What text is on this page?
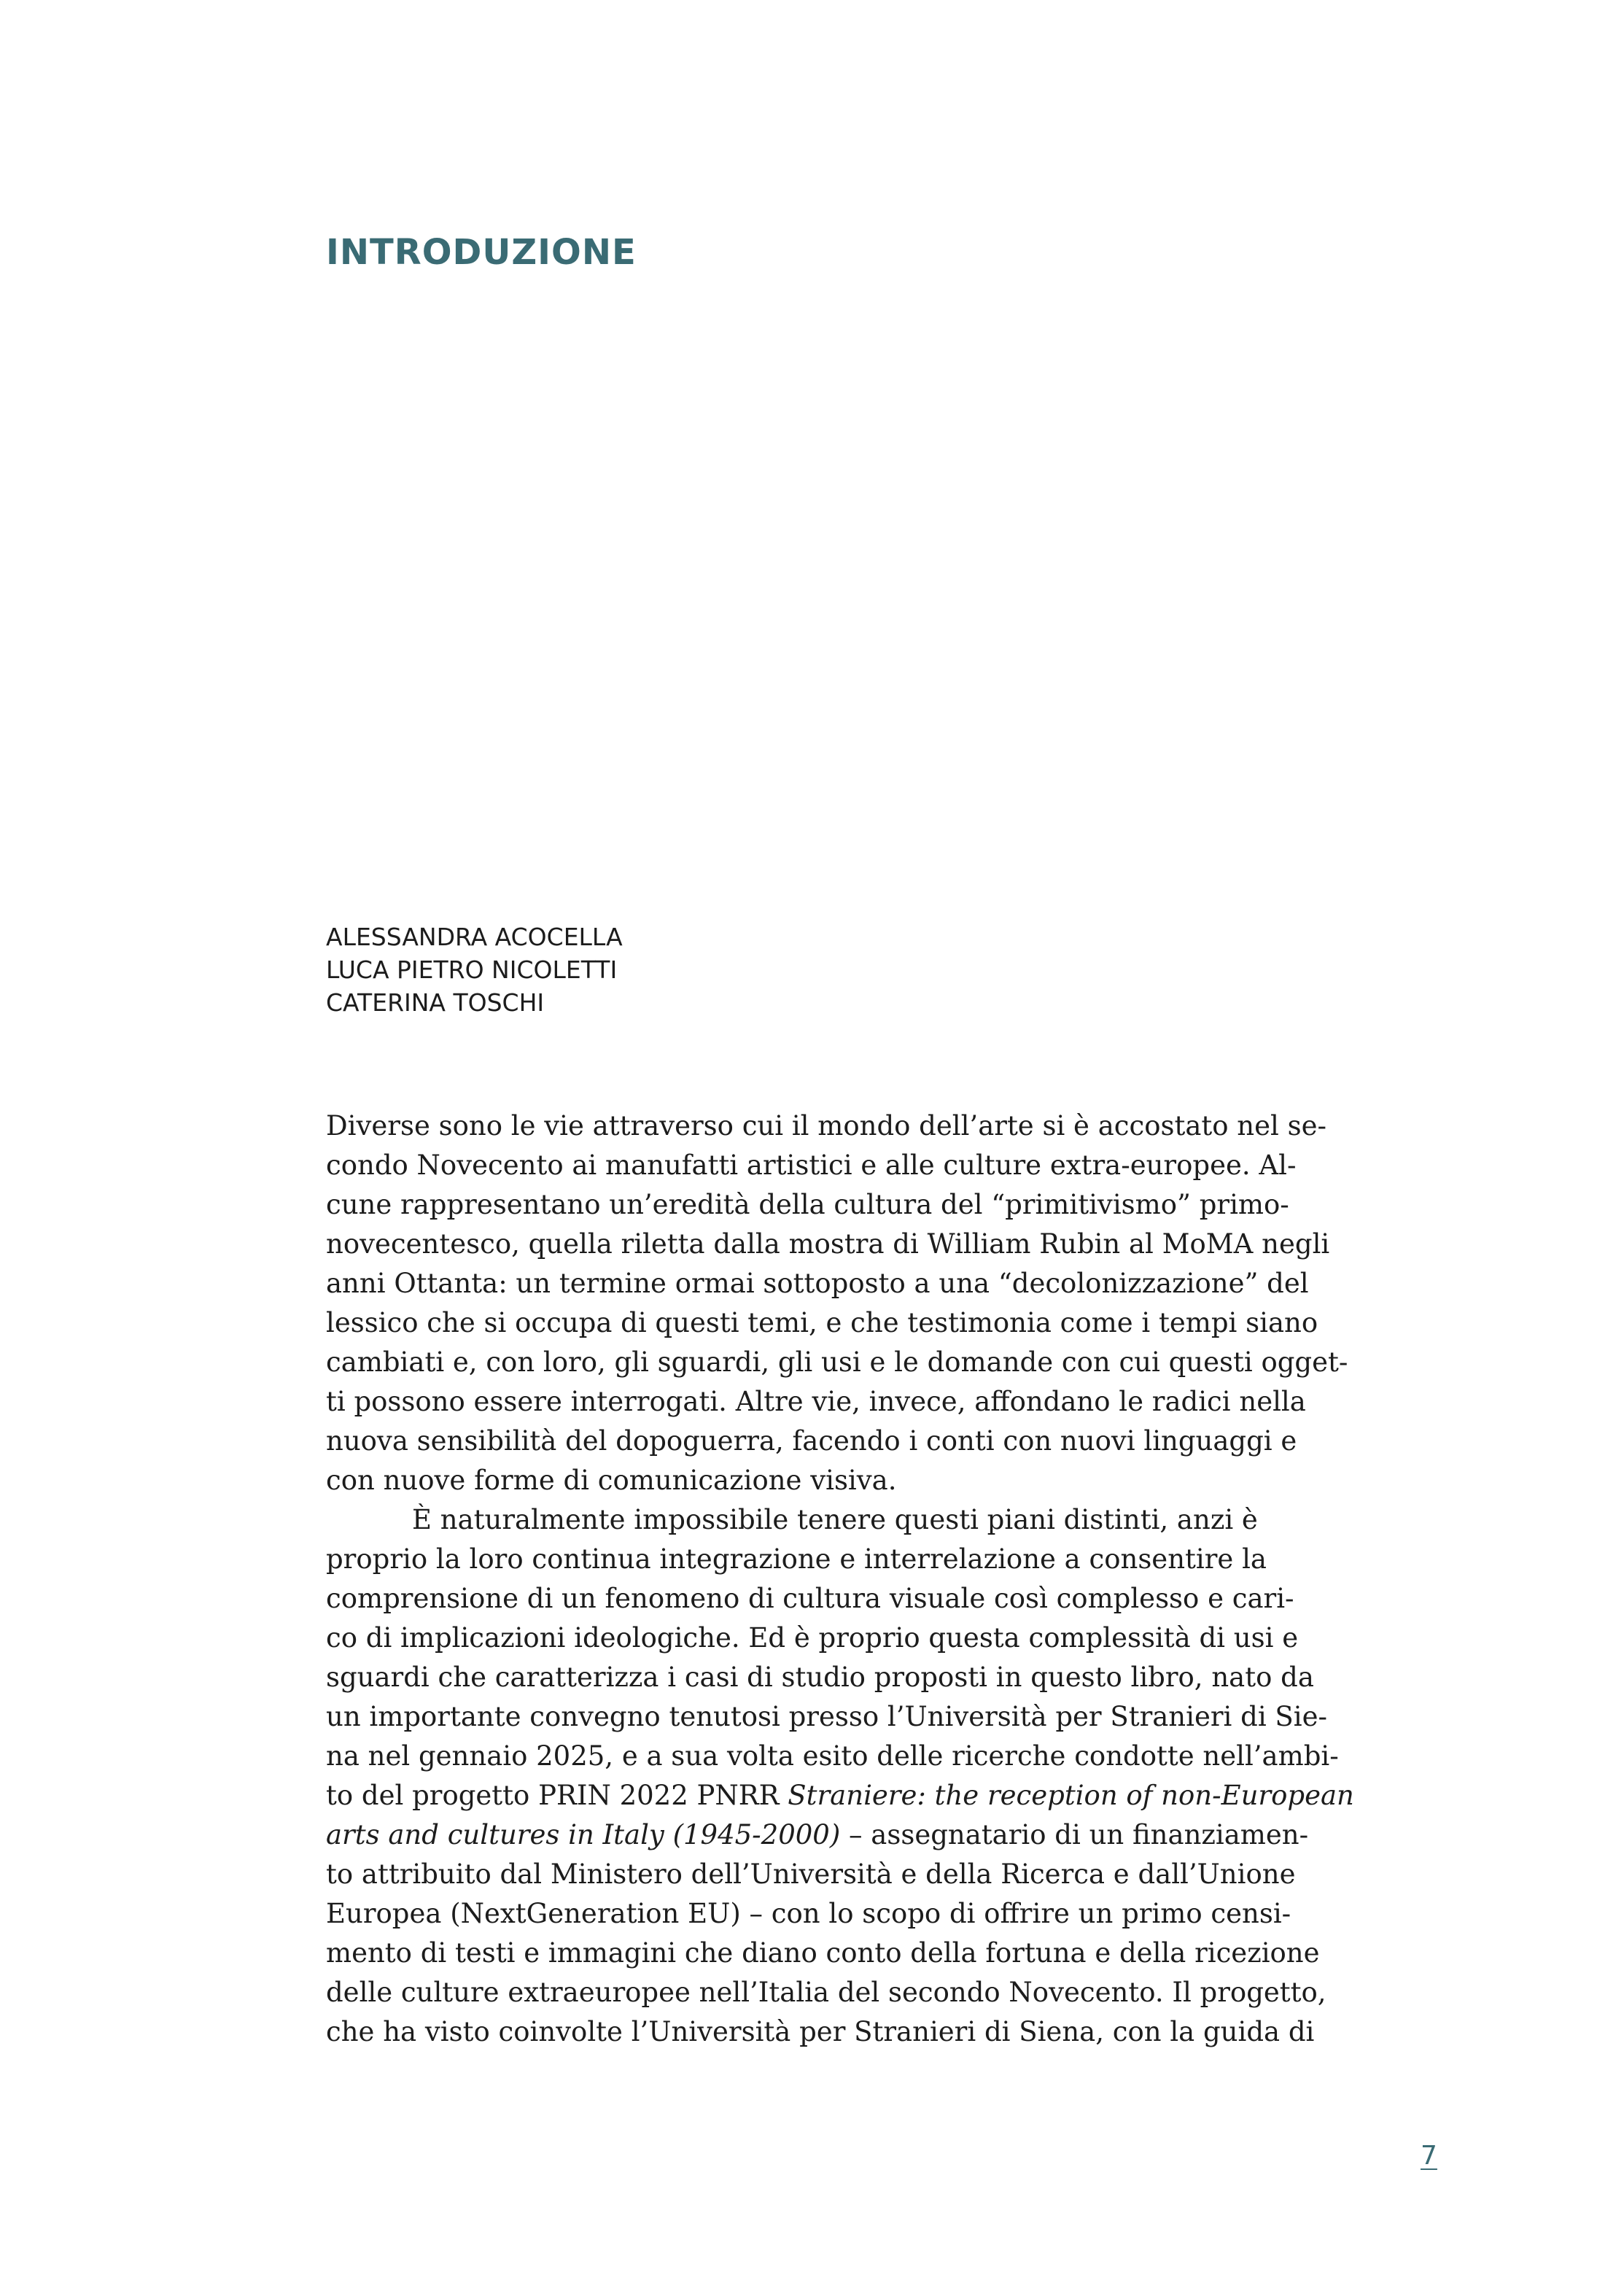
INTRODUZIONE
ALESSANDRA ACOCELLA
LUCA PIETRO NICOLETTI
CATERINA TOSCHI
Diverse sono le vie attraverso cui il mondo dell’arte si è accostato nel se-
condo Novecento ai manufatti artistici e alle culture extra-europee. Al-
cune rappresentano un’eredità della cultura del “primitivismo” primo-
novecentesco, quella riletta dalla mostra di William Rubin al MoMA negli
anni Ottanta: un termine ormai sottoposto a una “decolonizzazione” del
lessico che si occupa di questi temi, e che testimonia come i tempi siano
cambiati e, con loro, gli sguardi, gli usi e le domande con cui questi ogget-
ti possono essere interrogati. Altre vie, invece, affondano le radici nella
nuova sensibilità del dopoguerra, facendo i conti con nuovi linguaggi e
con nuove forme di comunicazione visiva.
È naturalmente impossibile tenere questi piani distinti, anzi è
proprio la loro continua integrazione e interrelazione a consentire la
comprensione di un fenomeno di cultura visuale così complesso e cari-
co di implicazioni ideologiche. Ed è proprio questa complessità di usi e
sguardi che caratterizza i casi di studio proposti in questo libro, nato da
un importante convegno tenutosi presso l’Università per Stranieri di Sie-
na nel gennaio 2025, e a sua volta esito delle ricerche condotte nell’ambi-
to del progetto PRIN 2022 PNRR Straniere: the reception of non-European
arts and cultures in Italy (1945-2000) – assegnatario di un finanziamen-
to attribuito dal Ministero dell’Università e della Ricerca e dall’Unione
Europea (NextGeneration EU) – con lo scopo di offrire un primo censi-
mento di testi e immagini che diano conto della fortuna e della ricezione
delle culture extraeuropee nell’Italia del secondo Novecento. Il progetto,
che ha visto coinvolte l’Università per Stranieri di Siena, con la guida di
7
